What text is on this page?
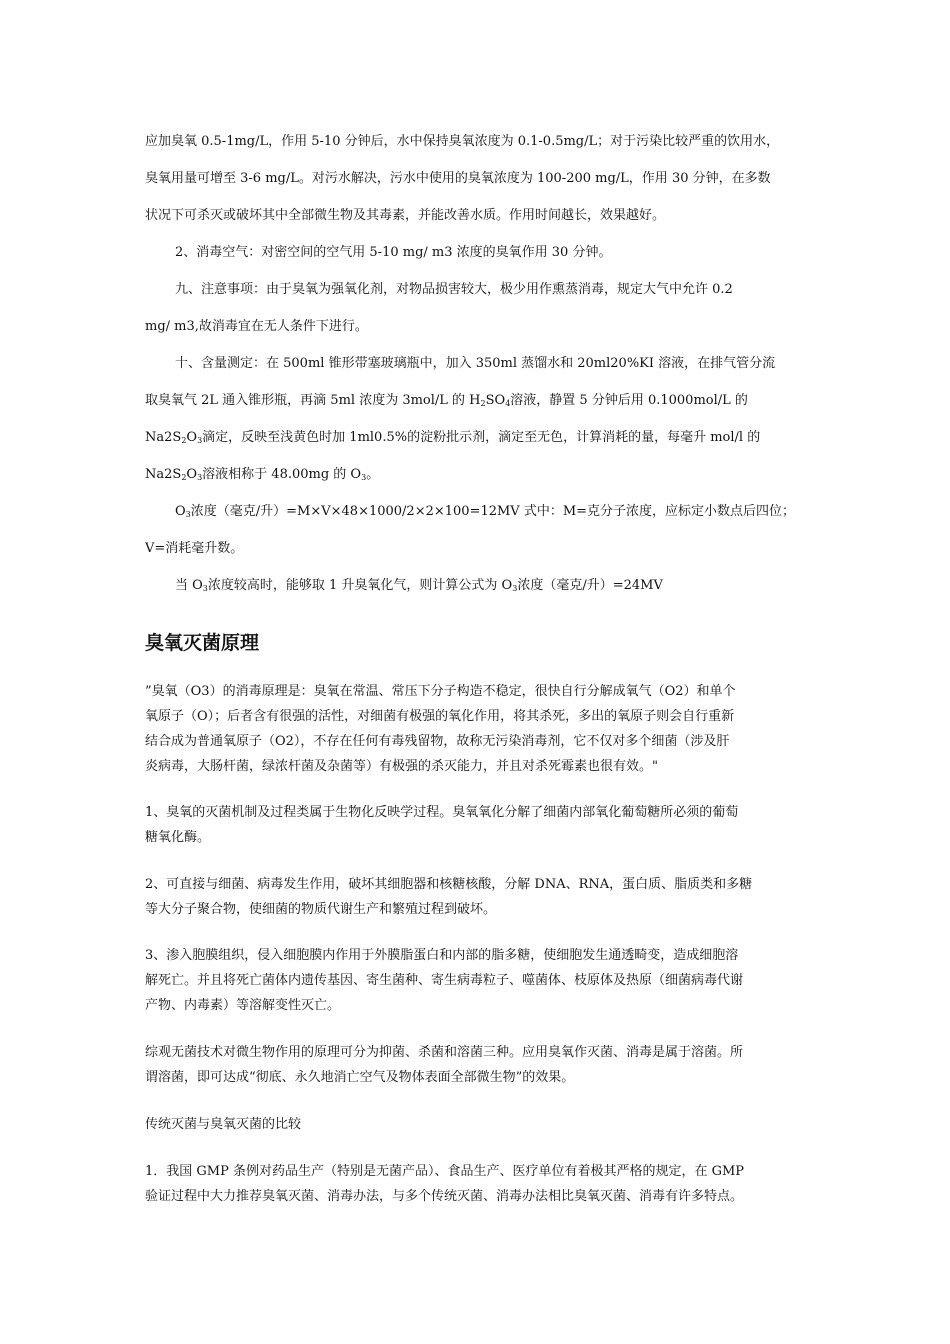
应加臭氧 0.5-1mg/L，作用 5-10 分钟后，水中保持臭氧浓度为 0.1-0.5mg/L；对于污染比较严重的饮用水，

臭氧用量可增至 3-6 mg/L。对污水解决，污水中使用的臭氧浓度为 100-200 mg/L，作用 30 分钟，在多数

状况下可杀灭或破坏其中全部微生物及其毒素，并能改善水质。作用时间越长，效果越好。

2、消毒空气：对密空间的空气用 5-10 mg/ m3 浓度的臭氧作用 30 分钟。

九、注意事项：由于臭氧为强氧化剂，对物品损害较大，极少用作熏蒸消毒，规定大气中允许 0.2

mg/ m3,故消毒宜在无人条件下进行。

十、含量测定：在 500ml 锥形带塞玻璃瓶中，加入 350ml 蒸馏水和 20ml20%KI 溶液，在排气管分流

取臭氧气 2L 通入锥形瓶，再滴 5ml 浓度为 3mol/L 的 $H_2SO_4$溶液，静置 5 分钟后用 0.1000mol/L 的

$Na2S_2O_3$滴定，反映至浅黄色时加 1ml0.5%的淀粉批示剂，滴定至无色，计算消耗的量，每毫升 mol/l 的

$Na2S_2O_3$溶液相称于 48.00mg 的 $O_3$。

$O_3$浓度（毫克/升）=M×V×48×1000/2×2×100=12MV 式中：M=克分子浓度，应标定小数点后四位；

V=消耗毫升数。

当 $O_3$浓度较高时，能够取 1 升臭氧化气，则计算公式为 $O_3$浓度（毫克/升）=24MV

臭氧灭菌原理

”臭氧（O3）的消毒原理是：臭氧在常温、常压下分子构造不稳定，很快自行分解成氧气（O2）和单个

氧原子（O）；后者含有很强的活性，对细菌有极强的氧化作用，将其杀死，多出的氧原子则会自行重新

结合成为普通氧原子（O2），不存在任何有毒残留物，故称无污染消毒剂，它不仅对多个细菌（涉及肝

炎病毒，大肠杆菌，绿浓杆菌及杂菌等）有极强的杀灭能力，并且对杀死霉素也很有效。"

1、臭氧的灭菌机制及过程类属于生物化反映学过程。臭氧氧化分解了细菌内部氧化葡萄糖所必须的葡萄

糖氧化酶。

2、可直接与细菌、病毒发生作用，破坏其细胞器和核糖核酸，分解 DNA、RNA，蛋白质、脂质类和多糖

等大分子聚合物，使细菌的物质代谢生产和繁殖过程到破坏。

3、渗入胞膜组织，侵入细胞膜内作用于外膜脂蛋白和内部的脂多糖，使细胞发生通透畸变，造成细胞溶

解死亡。并且将死亡菌体内遗传基因、寄生菌种、寄生病毒粒子、噬菌体、枝原体及热原（细菌病毒代谢

产物、内毒素）等溶解变性灭亡。

综观无菌技术对微生物作用的原理可分为抑菌、杀菌和溶菌三种。应用臭氧作灭菌、消毒是属于溶菌。所

谓溶菌，即可达成“彻底、永久地消亡空气及物体表面全部微生物”的效果。

传统灭菌与臭氧灭菌的比较

1．我国 GMP 条例对药品生产（特别是无菌产品）、食品生产、医疗单位有着极其严格的规定，在 GMP

验证过程中大力推荐臭氧灭菌、消毒办法，与多个传统灭菌、消毒办法相比臭氧灭菌、消毒有许多特点。
